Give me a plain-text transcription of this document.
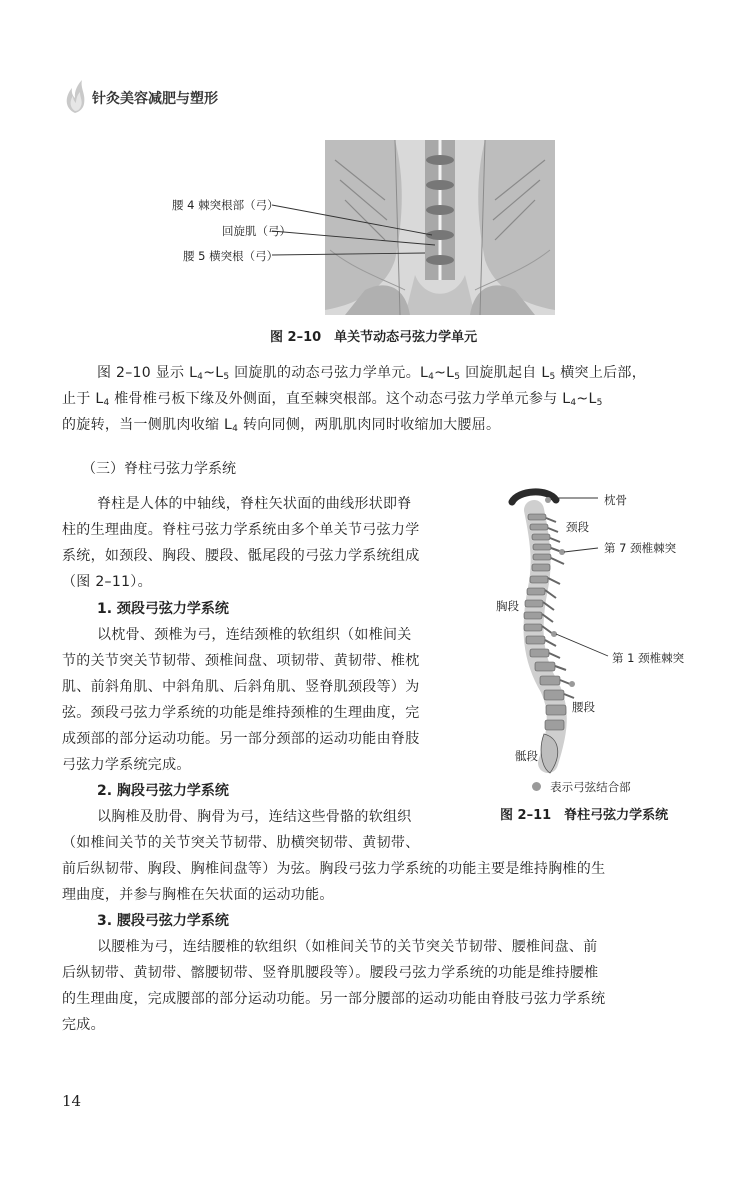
针灸美容减肥与塑形
腰 4 棘突根部（弓）
回旋肌（弓）
腰 5 横突根（弓）
图 2–10　单关节动态弓弦力学单元
图 2–10 显示 $L_4\sim L_5$ 回旋肌的动态弓弦力学单元。$L_4\sim L_5$ 回旋肌起自 $L_5$ 横突上后部，
止于 $L_4$ 椎骨椎弓板下缘及外侧面，直至棘突根部。这个动态弓弦力学单元参与 $L_4\sim L_5$
的旋转，当一侧肌肉收缩 $L_4$ 转向同侧，两肌肌肉同时收缩加大腰屈。
（三）脊柱弓弦力学系统
脊柱是人体的中轴线，脊柱矢状面的曲线形状即脊
柱的生理曲度。脊柱弓弦力学系统由多个单关节弓弦力学
系统，如颈段、胸段、腰段、骶尾段的弓弦力学系统组成
（图 2–11）。
1. 颈段弓弦力学系统
以枕骨、颈椎为弓，连结颈椎的软组织（如椎间关
节的关节突关节韧带、颈椎间盘、项韧带、黄韧带、椎枕
肌、前斜角肌、中斜角肌、后斜角肌、竖脊肌颈段等）为
弦。颈段弓弦力学系统的功能是维持颈椎的生理曲度，完
成颈部的部分运动功能。另一部分颈部的运动功能由脊肢
弓弦力学系统完成。
2. 胸段弓弦力学系统
以胸椎及肋骨、胸骨为弓，连结这些骨骼的软组织
（如椎间关节的关节突关节韧带、肋横突韧带、黄韧带、
前后纵韧带、胸段、胸椎间盘等）为弦。胸段弓弦力学系统的功能主要是维持胸椎的生
理曲度，并参与胸椎在矢状面的运动功能。
3. 腰段弓弦力学系统
以腰椎为弓，连结腰椎的软组织（如椎间关节的关节突关节韧带、腰椎间盘、前
后纵韧带、黄韧带、髂腰韧带、竖脊肌腰段等）。腰段弓弦力学系统的功能是维持腰椎
的生理曲度，完成腰部的部分运动功能。另一部分腰部的运动功能由脊肢弓弦力学系统
完成。
枕骨
颈段
第 7 颈椎棘突
胸段
第 1 颈椎棘突
腰段
骶段
表示弓弦结合部
图 2–11　脊柱弓弦力学系统
14
